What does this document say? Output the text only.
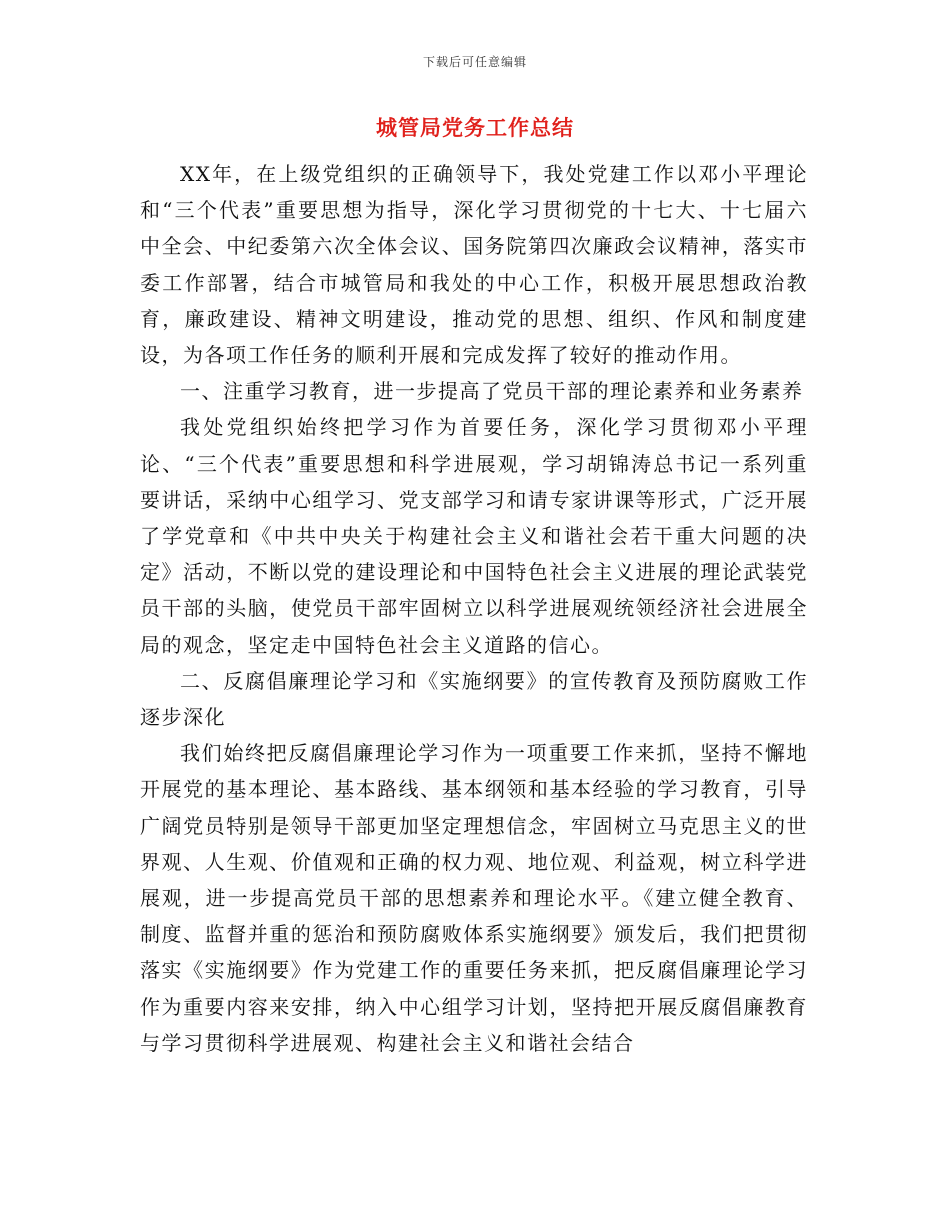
下载后可任意编辑
城管局党务工作总结

XX年，在上级党组织的正确领导下，我处党建工作以邓小平理论和“三个代表”重要思想为指导，深化学习贯彻党的十七大、十七届六中全会、中纪委第六次全体会议、国务院第四次廉政会议精神，落实市委工作部署，结合市城管局和我处的中心工作，积极开展思想政治教育，廉政建设、精神文明建设，推动党的思想、组织、作风和制度建设，为各项工作任务的顺利开展和完成发挥了较好的推动作用。

一、注重学习教育，进一步提高了党员干部的理论素养和业务素养

我处党组织始终把学习作为首要任务，深化学习贯彻邓小平理论、“三个代表”重要思想和科学进展观，学习胡锦涛总书记一系列重要讲话，采纳中心组学习、党支部学习和请专家讲课等形式，广泛开展了学党章和《中共中央关于构建社会主义和谐社会若干重大问题的决定》活动，不断以党的建设理论和中国特色社会主义进展的理论武装党员干部的头脑，使党员干部牢固树立以科学进展观统领经济社会进展全局的观念，坚定走中国特色社会主义道路的信心。

二、反腐倡廉理论学习和《实施纲要》的宣传教育及预防腐败工作逐步深化

我们始终把反腐倡廉理论学习作为一项重要工作来抓，坚持不懈地开展党的基本理论、基本路线、基本纲领和基本经验的学习教育，引导广阔党员特别是领导干部更加坚定理想信念，牢固树立马克思主义的世界观、人生观、价值观和正确的权力观、地位观、利益观，树立科学进展观，进一步提高党员干部的思想素养和理论水平。《建立健全教育、制度、监督并重的惩治和预防腐败体系实施纲要》颁发后，我们把贯彻落实《实施纲要》作为党建工作的重要任务来抓，把反腐倡廉理论学习作为重要内容来安排，纳入中心组学习计划，坚持把开展反腐倡廉教育与学习贯彻科学进展观、构建社会主义和谐社会结合
